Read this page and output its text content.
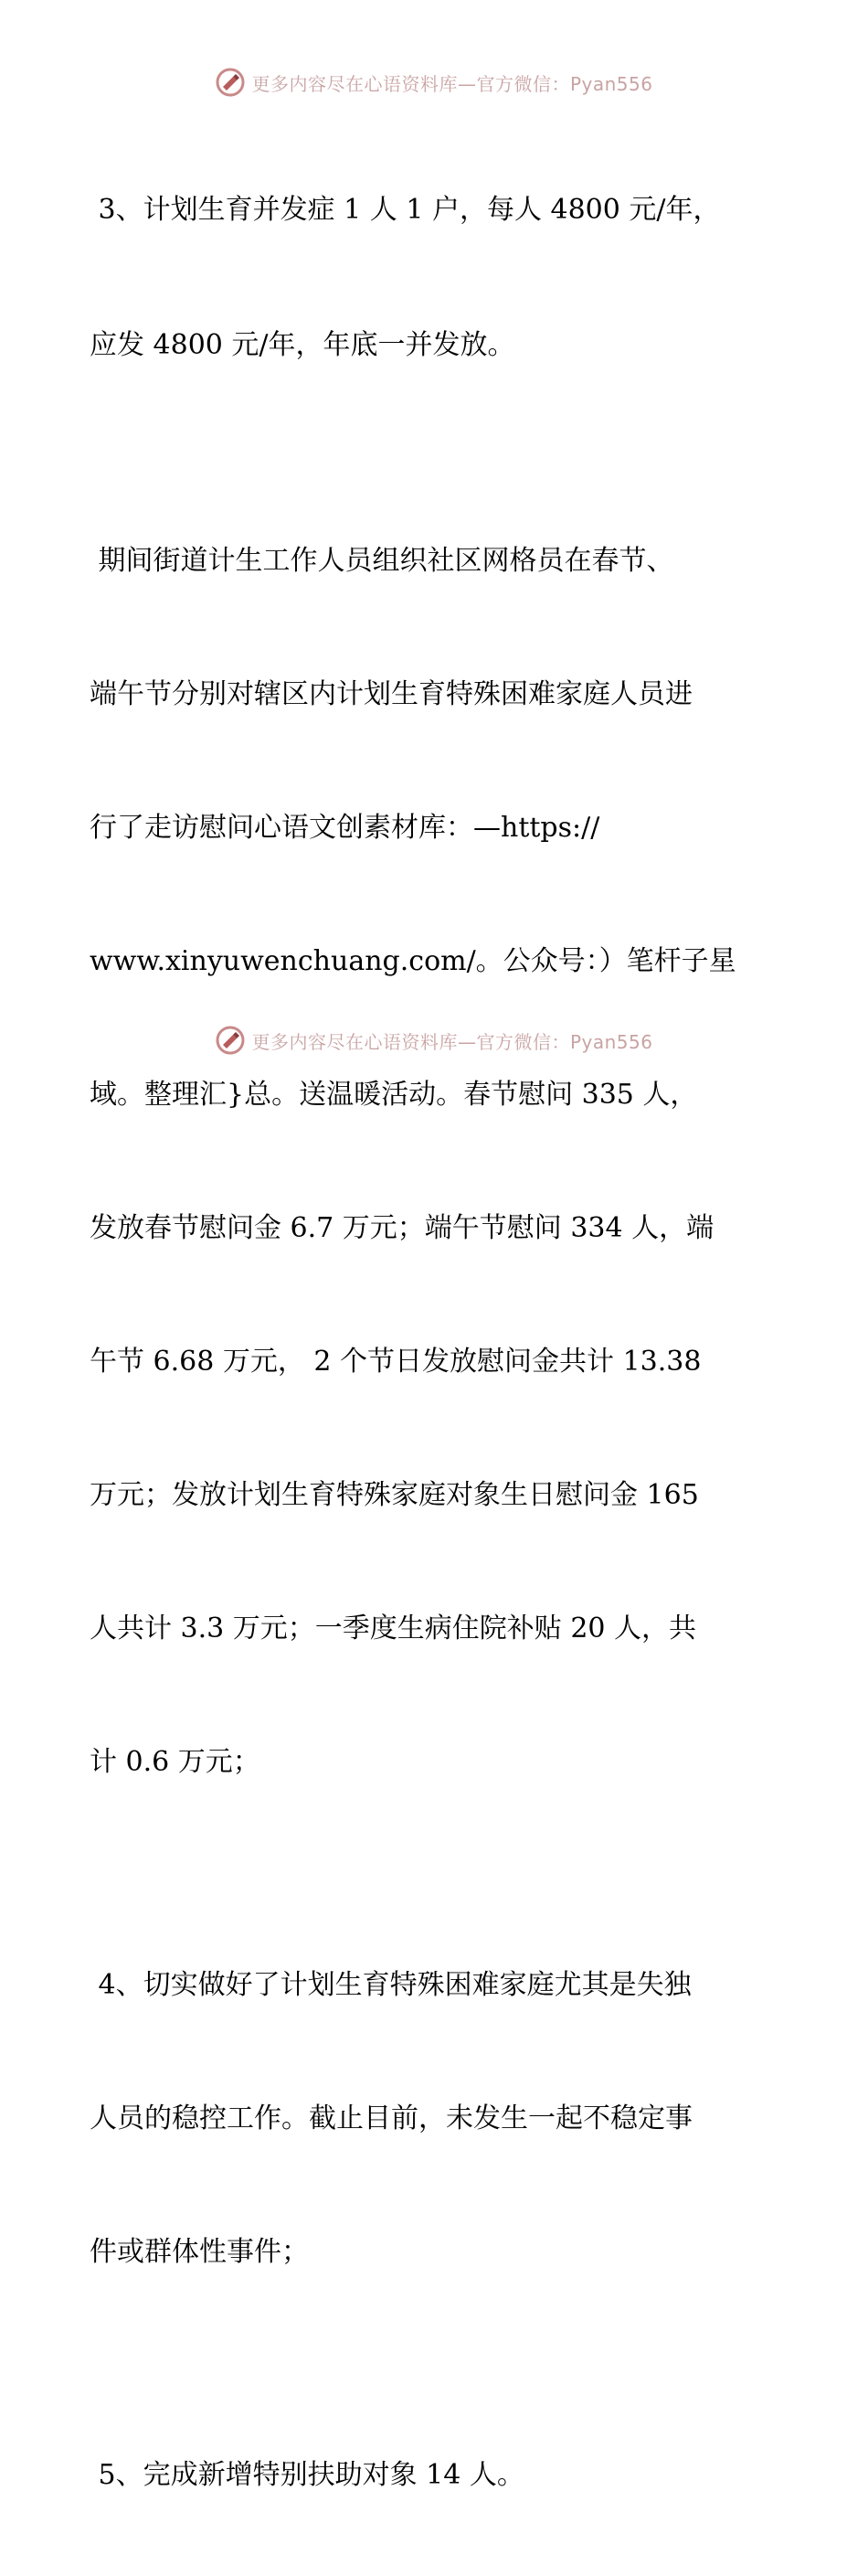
更多内容尽在心语资料库—官方微信：Pyan556

3、计划生育并发症 1 人 1 户，每人 4800 元/年，

应发 4800 元/年，年底一并发放。

期间街道计生工作人员组织社区网格员在春节、

端午节分别对辖区内计划生育特殊困难家庭人员进

行了走访慰问心语文创素材库：—https://

www.xinyuwenchuang.com/。公众号：）笔杆子星

域。整理汇}总。送温暖活动。春节慰问 335 人，

发放春节慰问金 6.7 万元；端午节慰问 334 人，端

午节 6.68 万元， 2 个节日发放慰问金共计 13.38

万元；发放计划生育特殊家庭对象生日慰问金 165

人共计 3.3 万元；一季度生病住院补贴 20 人，共

计 0.6 万元；

4、切实做好了计划生育特殊困难家庭尤其是失独

人员的稳控工作。截止目前，未发生一起不稳定事

件或群体性事件；

5、完成新增特别扶助对象 14 人。

更多内容尽在心语资料库—官方微信：Pyan556
